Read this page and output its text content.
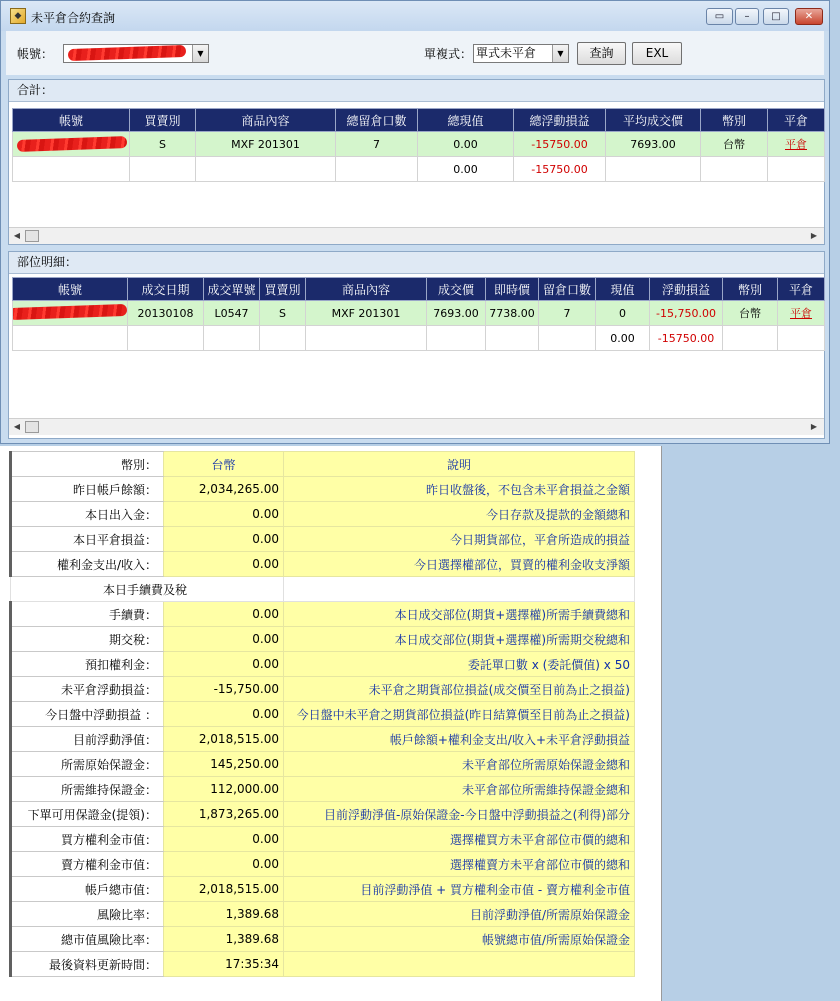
◆ 未平倉合約查詢	▭	–	□	✕
帳號：	▼	單複式： 單式未平倉	▼	查詢	EXL
合計：
帳號	買賣別	商品內容	總留倉口數	總現值	總浮動損益	平均成交價	幣別	平倉

	S	MXF 201301	7	0.00	-15750.00	7693.00	台幣	平倉
				0.00	-15750.00			
◀	▶
部位明細：
帳號	成交日期	成交單號	買賣別	商品內容	成交價	即時價	留倉口數	現值	浮動損益	幣別	平倉

	20130108	L0547	S	MXF 201301	7693.00	7738.00	7	0	-15,750.00	台幣	平倉
								0.00	-15750.00		
◀	▶
幣別：	台幣	說明
昨日帳戶餘額：	2,034,265.00	昨日收盤後，不包含未平倉損益之金額
本日出入金：	0.00	今日存款及提款的金額總和
本日平倉損益：	0.00	今日期貨部位，平倉所造成的損益
權利金支出/收入：	0.00	今日選擇權部位，買賣的權利金收支淨額
本日手續費及稅		
手續費：	0.00	本日成交部位(期貨+選擇權)所需手續費總和
期交稅：	0.00	本日成交部位(期貨+選擇權)所需期交稅總和
預扣權利金：	0.00	委託單口數 x (委託價值) x 50
未平倉浮動損益：	-15,750.00	未平倉之期貨部位損益(成交價至目前為止之損益)
今日盤中浮動損益 ：	0.00	今日盤中未平倉之期貨部位損益(昨日結算價至目前為止之損益)
目前浮動淨值：	2,018,515.00	帳戶餘額+權利金支出/收入+未平倉浮動損益
所需原始保證金：	145,250.00	未平倉部位所需原始保證金總和
所需維持保證金：	112,000.00	未平倉部位所需維持保證金總和
下單可用保證金(提領)：	1,873,265.00	目前浮動淨值-原始保證金-今日盤中浮動損益之(利得)部分
買方權利金市值：	0.00	選擇權買方未平倉部位市價的總和
賣方權利金市值：	0.00	選擇權賣方未平倉部位市價的總和
帳戶總市值：	2,018,515.00	目前浮動淨值 + 買方權利金市值 - 賣方權利金市值
風險比率：	1,389.68	目前浮動淨值/所需原始保證金
總市值風險比率：	1,389.68	帳號總市值/所需原始保證金
最後資料更新時間：	17:35:34	
